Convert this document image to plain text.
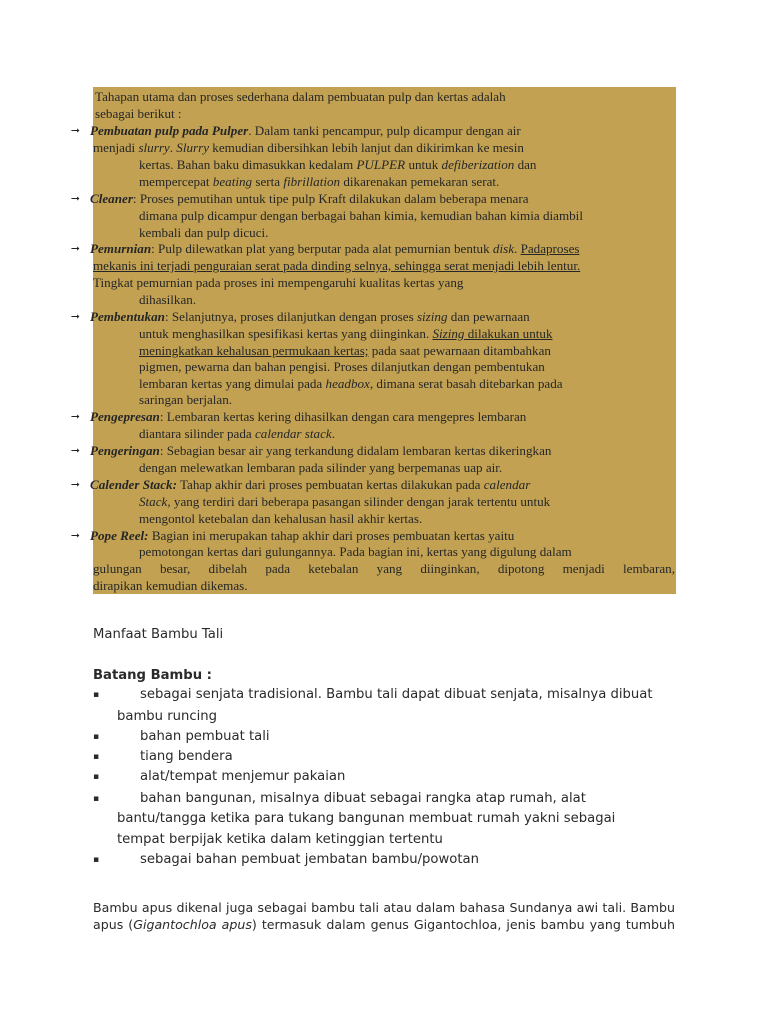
Tahapan utama dan proses sederhana dalam pembuatan pulp dan kertas adalah
sebagai berikut :
⭢ Pembuatan pulp pada Pulper. Dalam tanki pencampur, pulp dicampur dengan air
menjadi slurry. Slurry kemudian dibersihkan lebih lanjut dan dikirimkan ke mesin
kertas. Bahan baku dimasukkan kedalam PULPER untuk defiberization dan
mempercepat beating serta fibrillation dikarenakan pemekaran serat.
⭢ Cleaner: Proses pemutihan untuk tipe pulp Kraft dilakukan dalam beberapa menara
dimana pulp dicampur dengan berbagai bahan kimia, kemudian bahan kimia diambil
kembali dan pulp dicuci.
⭢ Pemurnian: Pulp dilewatkan plat yang berputar pada alat pemurnian bentuk disk. Padaproses
mekanis ini terjadi penguraian serat pada dinding selnya, sehingga serat menjadi lebih lentur.
Tingkat pemurnian pada proses ini mempengaruhi kualitas kertas yang
dihasilkan.
⭢ Pembentukan: Selanjutnya, proses dilanjutkan dengan proses sizing dan pewarnaan
untuk menghasilkan spesifikasi kertas yang diinginkan. Sizing dilakukan untuk
meningkatkan kehalusan permukaan kertas; pada saat pewarnaan ditambahkan
pigmen, pewarna dan bahan pengisi. Proses dilanjutkan dengan pembentukan
lembaran kertas yang dimulai pada headbox, dimana serat basah ditebarkan pada
saringan berjalan.
⭢ Pengepresan: Lembaran kertas kering dihasilkan dengan cara mengepres lembaran
diantara silinder pada calendar stack.
⭢ Pengeringan: Sebagian besar air yang terkandung didalam lembaran kertas dikeringkan
dengan melewatkan lembaran pada silinder yang berpemanas uap air.
⭢ Calender Stack: Tahap akhir dari proses pembuatan kertas dilakukan pada calendar
Stack, yang terdiri dari beberapa pasangan silinder dengan jarak tertentu untuk
mengontol ketebalan dan kehalusan hasil akhir kertas.
⭢ Pope Reel: Bagian ini merupakan tahap akhir dari proses pembuatan kertas yaitu
pemotongan kertas dari gulungannya. Pada bagian ini, kertas yang digulung dalam
gulungan besar, dibelah pada ketebalan yang diinginkan, dipotong menjadi lembaran,
dirapikan kemudian dikemas.
Manfaat Bambu Tali
Batang Bambu :
▪	sebagai senjata tradisional. Bambu tali dapat dibuat senjata, misalnya dibuat
bambu runcing
▪	bahan pembuat tali
▪	tiang bendera
▪	alat/tempat menjemur pakaian
▪	bahan bangunan, misalnya dibuat sebagai rangka atap rumah, alat
bantu/tangga ketika para tukang bangunan membuat rumah yakni sebagai
tempat berpijak ketika dalam ketinggian tertentu
▪	sebagai bahan pembuat jembatan bambu/powotan
Bambu apus dikenal juga sebagai bambu tali atau dalam bahasa Sundanya awi tali. Bambu
apus (Gigantochloa apus) termasuk dalam genus Gigantochloa, jenis bambu yang tumbuh
